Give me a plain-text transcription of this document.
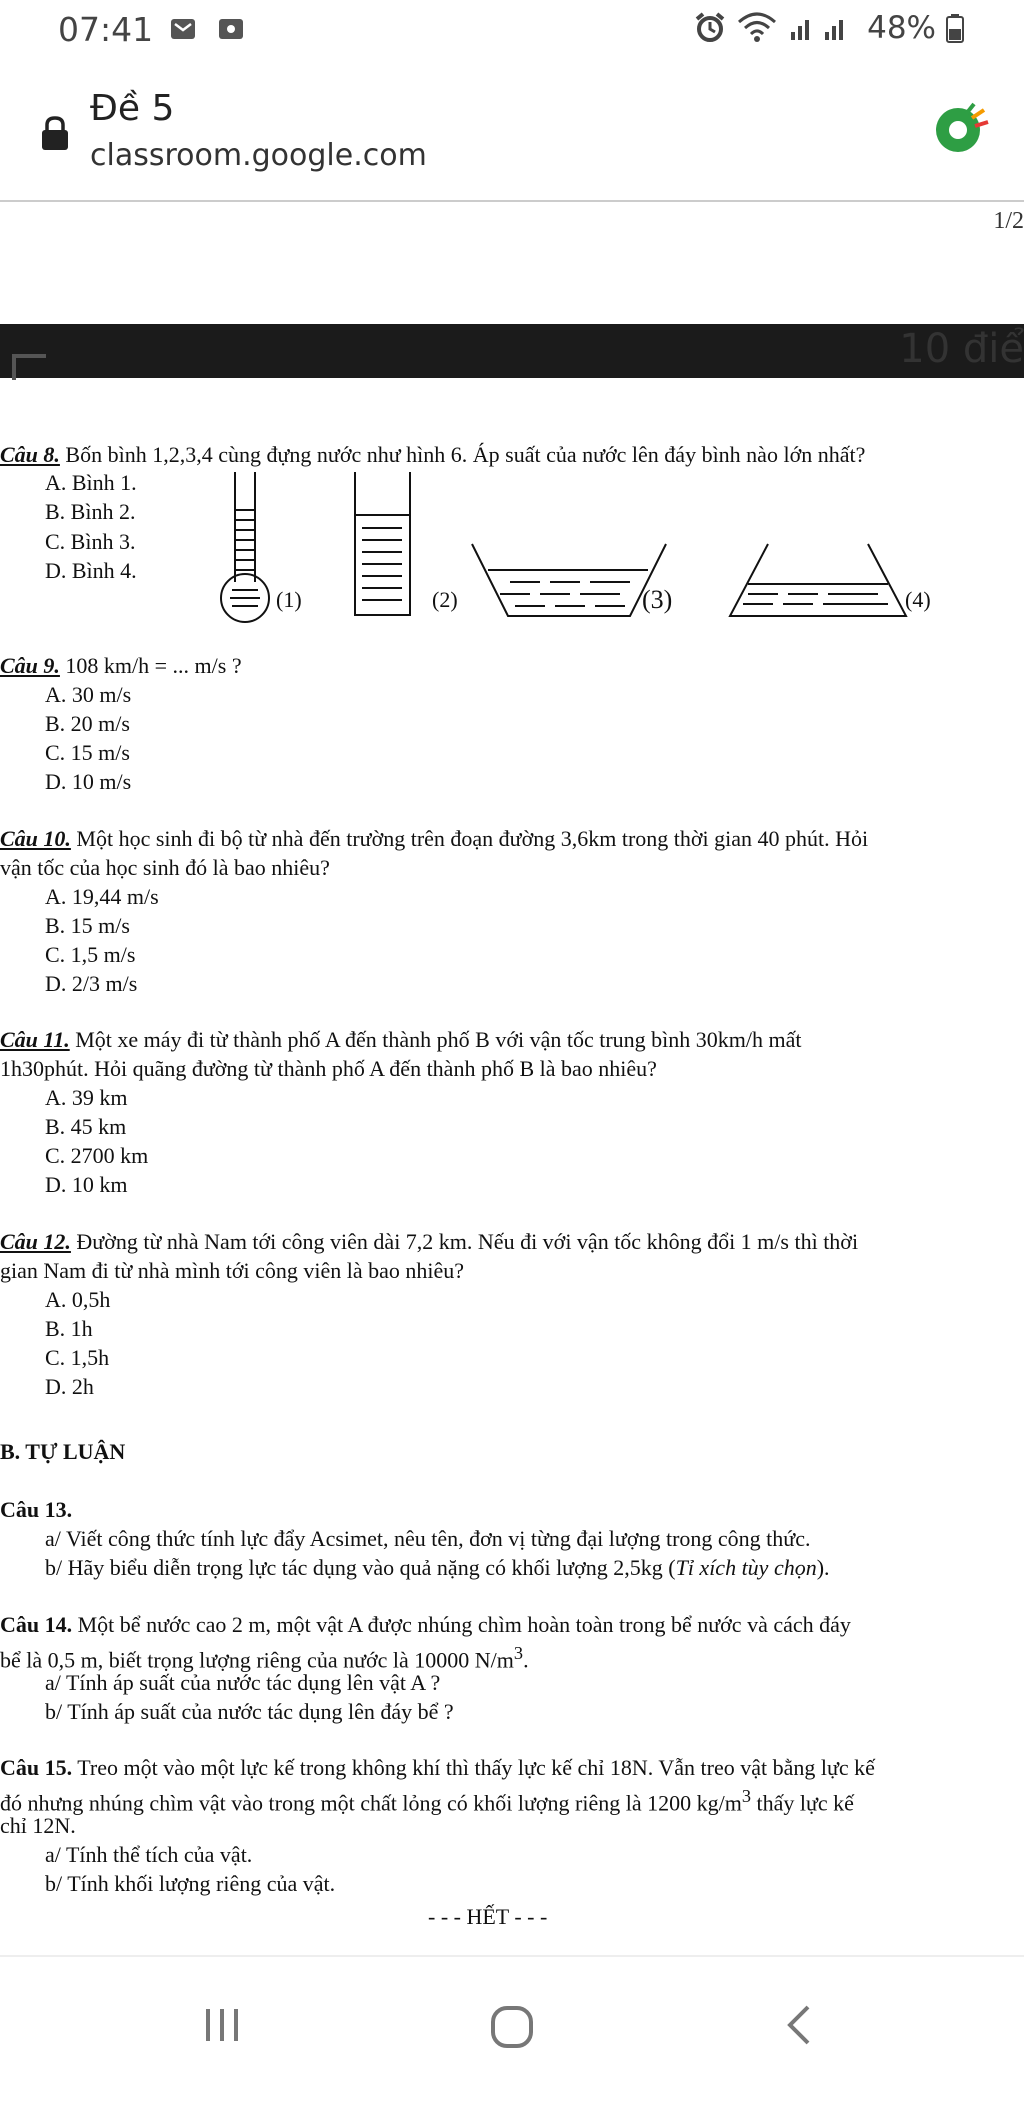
07:41	48%
Đề 5
classroom.google.com
1/2
10 điể
Câu 8. Bốn bình 1,2,3,4 cùng đựng nước như hình 6. Áp suất của nước lên đáy bình nào lớn nhất?
A. Bình 1.
B. Bình 2.
C. Bình 3.
D. Bình 4.
(1)	(2)	(3)	(4)
Câu 9. 108 km/h = ... m/s ?
A. 30 m/s
B. 20 m/s
C. 15 m/s
D. 10 m/s
Câu 10. Một học sinh đi bộ từ nhà đến trường trên đoạn đường 3,6km trong thời gian 40 phút. Hỏi
vận tốc của học sinh đó là bao nhiêu?
A. 19,44 m/s
B. 15 m/s
C. 1,5 m/s
D. 2/3 m/s
Câu 11. Một xe máy đi từ thành phố A đến thành phố B với vận tốc trung bình 30km/h mất
1h30phút. Hỏi quãng đường từ thành phố A đến thành phố B là bao nhiêu?
A. 39 km
B. 45 km
C. 2700 km
D. 10 km
Câu 12. Đường từ nhà Nam tới công viên dài 7,2 km. Nếu đi với vận tốc không đổi 1 m/s thì thời
gian Nam đi từ nhà mình tới công viên là bao nhiêu?
A. 0,5h
B. 1h
C. 1,5h
D. 2h
B. TỰ LUẬN
Câu 13.
a/ Viết công thức tính lực đẩy Acsimet, nêu tên, đơn vị từng đại lượng trong công thức.
b/ Hãy biểu diễn trọng lực tác dụng vào quả nặng có khối lượng 2,5kg (Tỉ xích tùy chọn).
Câu 14. Một bể nước cao 2 m, một vật A được nhúng chìm hoàn toàn trong bể nước và cách đáy
bể là 0,5 m, biết trọng lượng riêng của nước là 10000 $N/m^3$.
a/ Tính áp suất của nước tác dụng lên vật A ?
b/ Tính áp suất của nước tác dụng lên đáy bể ?
Câu 15. Treo một vào một lực kế trong không khí thì thấy lực kế chỉ 18N. Vẫn treo vật bằng lực kế
đó nhưng nhúng chìm vật vào trong một chất lỏng có khối lượng riêng là 1200 $kg/m^3$ thấy lực kế
chỉ 12N.
a/ Tính thể tích của vật.
b/ Tính khối lượng riêng của vật.
- - - HẾT - - -
